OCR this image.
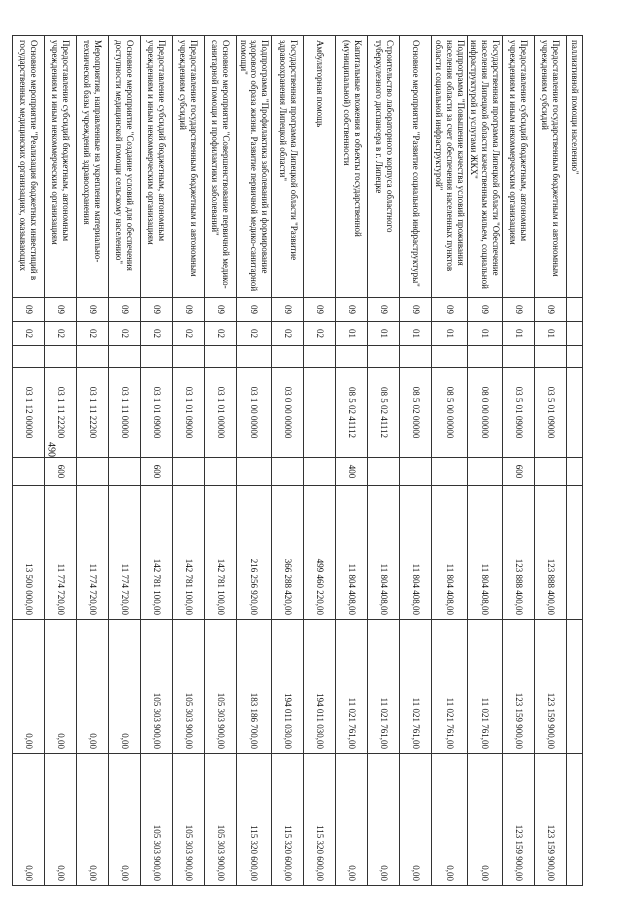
490
паллиативной помощи населению"								
Предоставление государственным бюджетным и автономным учреждениям субсидий	09	01		03 5 01 09000		123 888 400,00	123 159 900,00	123 159 900,00
Предоставление субсидий бюджетным, автономным учреждениям и иным некоммерческим организациям	09	01		03 5 01 09000	600	123 888 400,00	123 159 900,00	123 159 900,00
Государственная программа Липецкой области "Обеспечение населения Липецкой области качественным жильем, социальной инфраструктурой и услугами ЖКХ"	09	01		08 0 00 00000		11 804 408,00	11 021 761,00	0,00
Подпрограмма "Повышение качества условий проживания населения области за счет обеспечения населенных пунктов области социальной инфраструктурой"	09	01		08 5 00 00000		11 804 408,00	11 021 761,00	0,00
Основное мероприятие "Развитие социальной инфраструктуры"	09	01		08 5 02 00000		11 804 408,00	11 021 761,00	0,00
Строительство лабораторного корпуса областного туберкулезного диспансера в г. Липецке	09	01		08 5 02 41112		11 804 408,00	11 021 761,00	0,00
Капитальные вложения в объекты государственной (муниципальной) собственности	09	01		08 5 02 41112	400	11 804 408,00	11 021 761,00	0,00
Амбулаторная помощь	09	02				499 460 220,00	194 011 030,00	115 320 600,00
Государственная программа Липецкой области "Развитие здравоохранения Липецкой области"	09	02		03 0 00 00000		366 288 420,00	194 011 030,00	115 320 600,00
Подпрограмма "Профилактика заболеваний и формирование здорового образа жизни. Развитие первичной медико-санитарной помощи"	09	02		03 1 00 00000		216 256 920,00	183 186 700,00	115 320 600,00
Основное мероприятие "Совершенствование первичной медико-санитарной помощи и профилактики заболеваний"	09	02		03 1 01 00000		142 781 100,00	105 303 900,00	105 303 900,00
Предоставление государственным бюджетным и автономным учреждениям субсидий	09	02		03 1 01 09000		142 781 100,00	105 303 900,00	105 303 900,00
Предоставление субсидий бюджетным, автономным учреждениям и иным некоммерческим организациям	09	02		03 1 01 09000	600	142 781 100,00	105 303 900,00	105 303 900,00
Основное мероприятие "Создание условий для обеспечения доступности медицинской помощи сельскому населению"	09	02		03 1 11 00000		11 774 720,00	0,00	0,00
Мероприятия, направленные на укрепление материально-технической базы учреждений здравоохранения	09	02		03 1 11 22200		11 774 720,00	0,00	0,00
Предоставление субсидий бюджетным, автономным учреждениям и иным некоммерческим организациям	09	02		03 1 11 22200	600	11 774 720,00	0,00	0,00
Основное мероприятие "Реализация бюджетных инвестиций в государственных медицинских организациях, оказывающих	09	02		03 1 12 00000		13 500 000,00	0,00	0,00
